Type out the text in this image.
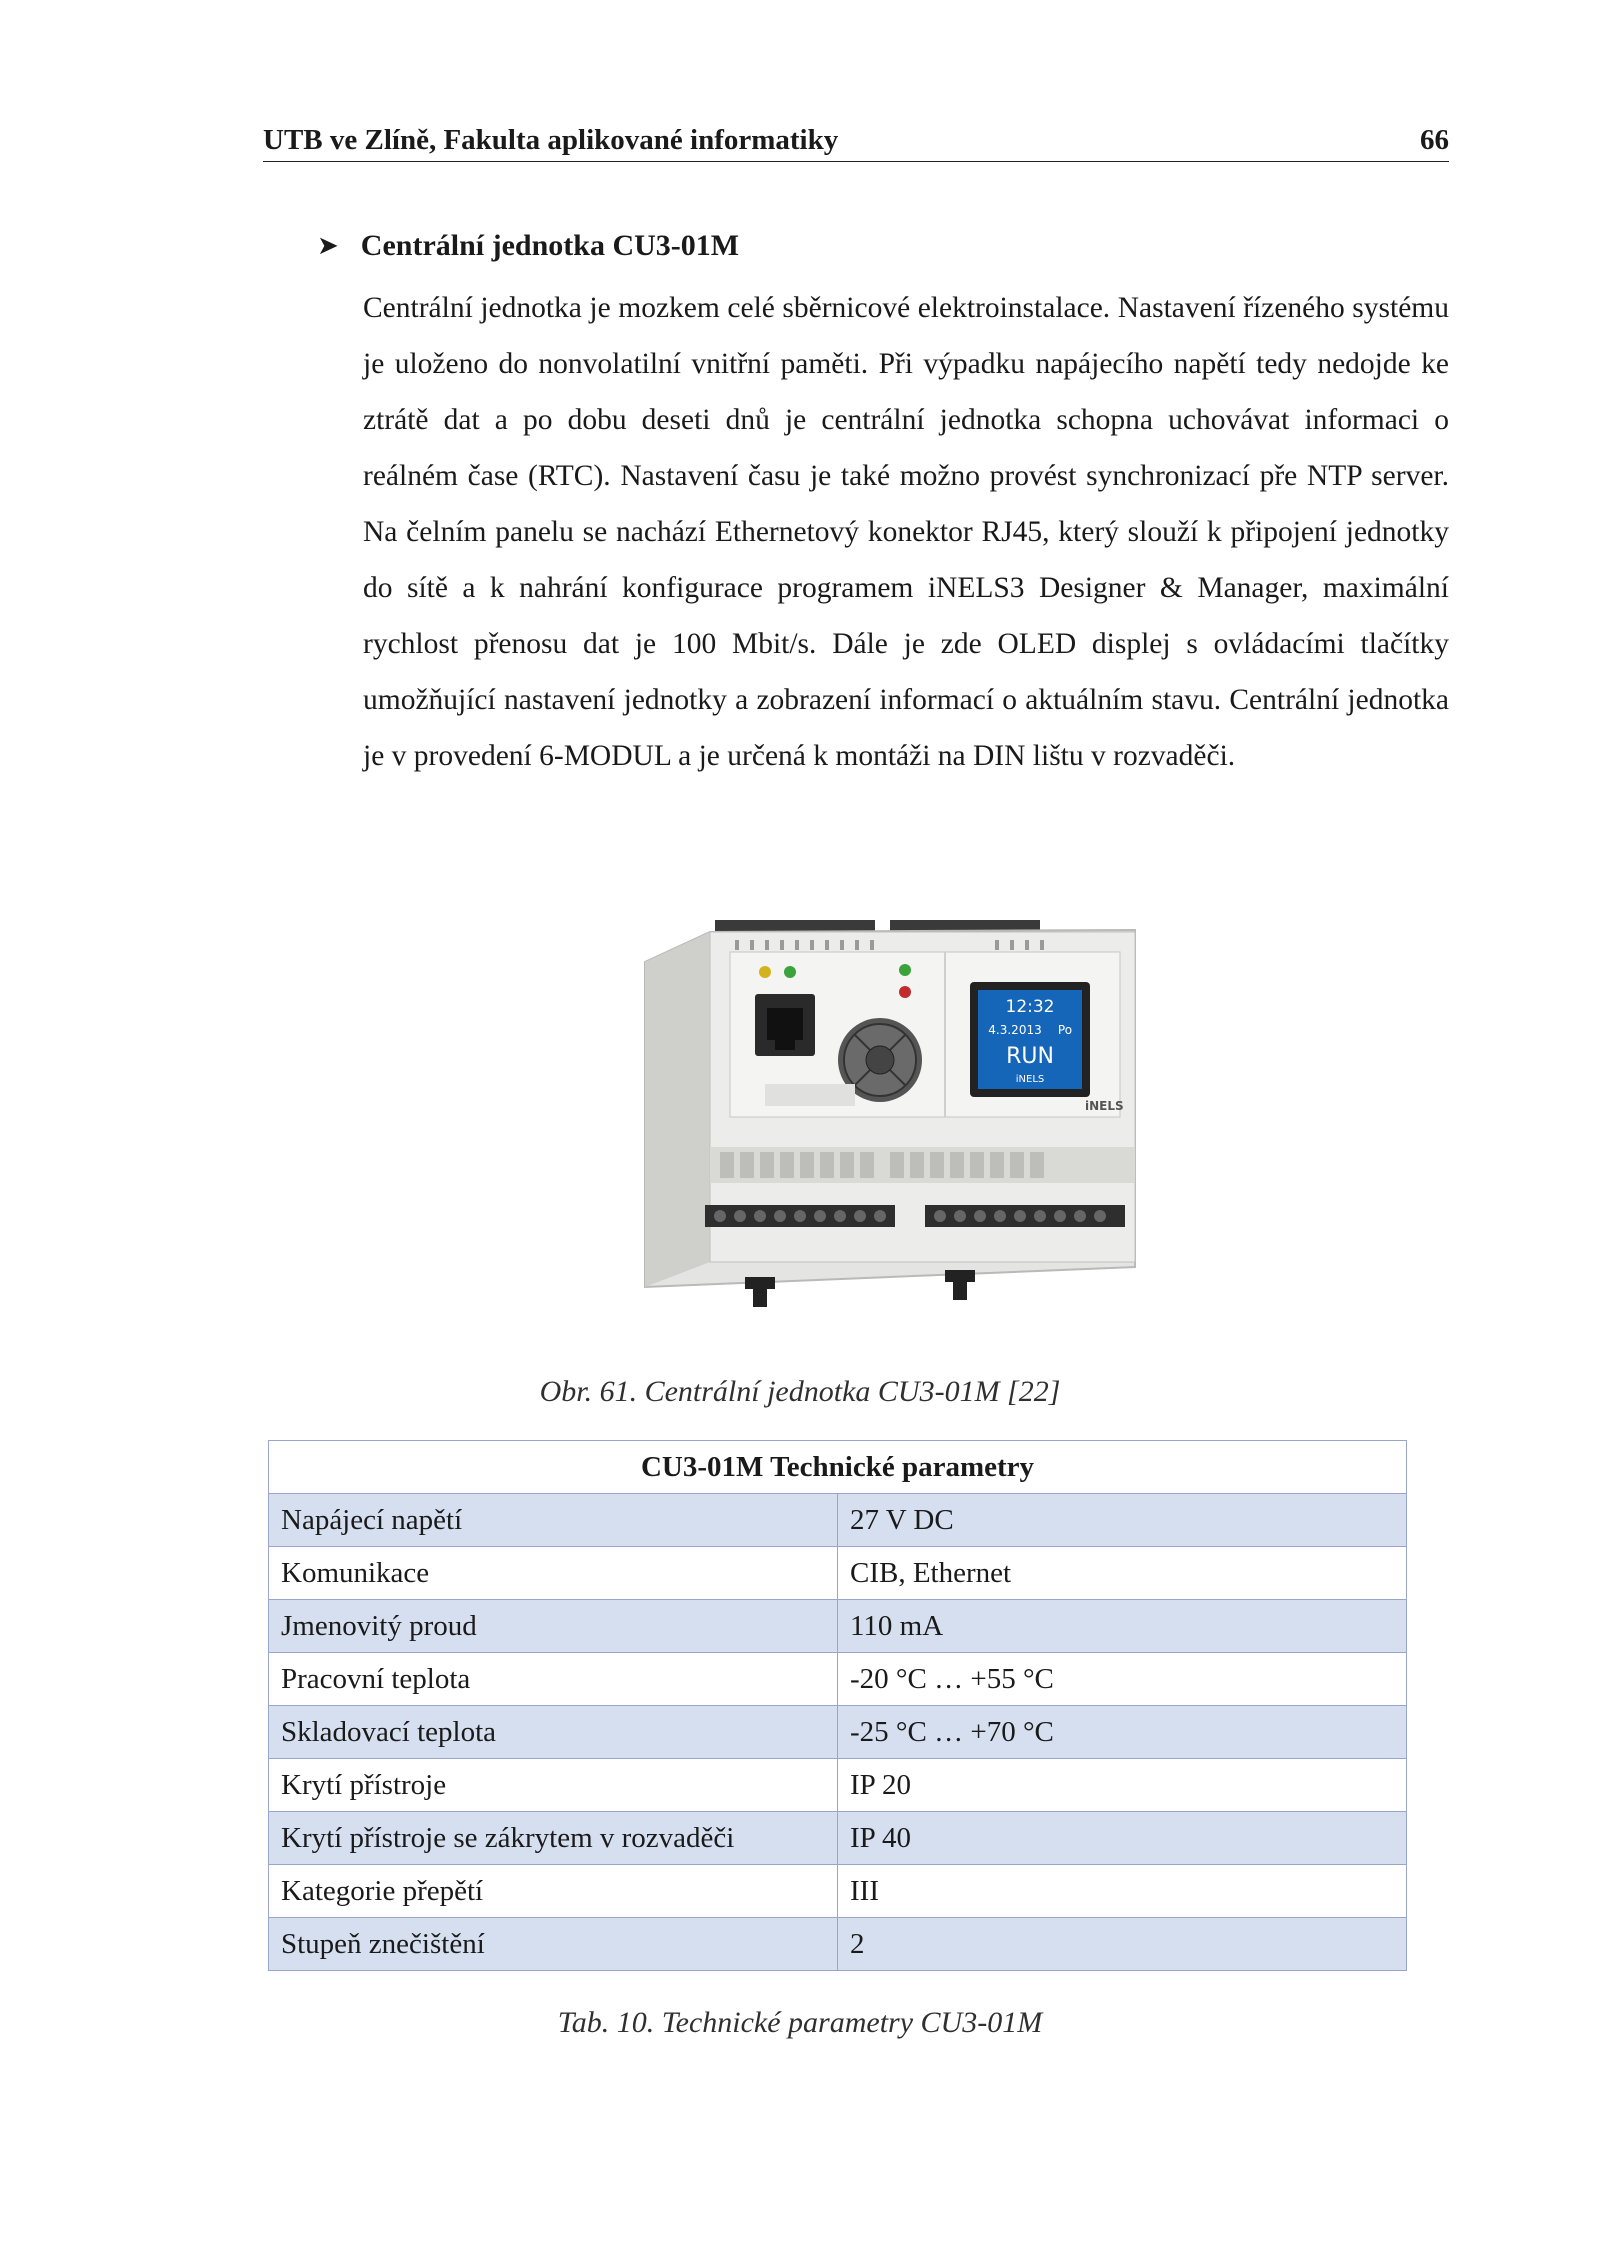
UTB ve Zlíně, Fakulta aplikované informatiky	66
➤ Centrální jednotka CU3-01M

Centrální jednotka je mozkem celé sběrnicové elektroinstalace. Nastavení řízeného systému je uloženo do nonvolatilní vnitřní paměti. Při výpadku napájecího napětí tedy nedojde ke ztrátě dat a po dobu deseti dnů je centrální jednotka schopna uchovávat informaci o reálném čase (RTC). Nastavení času je také možno provést synchronizací pře NTP server. Na čelním panelu se nachází Ethernetový konektor RJ45, který slouží k připojení jednotky do sítě a k nahrání konfigurace programem iNELS3 Designer & Manager, maximální rychlost přenosu dat je 100 Mbit/s. Dále je zde OLED displej s ovládacími tlačítky umožňující nastavení jednotky a zobrazení informací o aktuálním stavu. Centrální jednotka je v provedení 6-MODUL a je určená k montáži na DIN lištu v rozvaděči.

12:32
4.3.2013 Po
RUN
iNELS
iNELS
Obr. 61. Centrální jednotka CU3-01M [22]
CU3-01M Technické parametry	
Napájecí napětí	27 V DC
Komunikace	CIB, Ethernet
Jmenovitý proud	110 mA
Pracovní teplota	-20 °C … +55 °C
Skladovací teplota	-25 °C … +70 °C
Krytí přístroje	IP 20
Krytí přístroje se zákrytem v rozvaděči	IP 40
Kategorie přepětí	III
Stupeň znečištění	2
Tab. 10. Technické parametry CU3-01M
